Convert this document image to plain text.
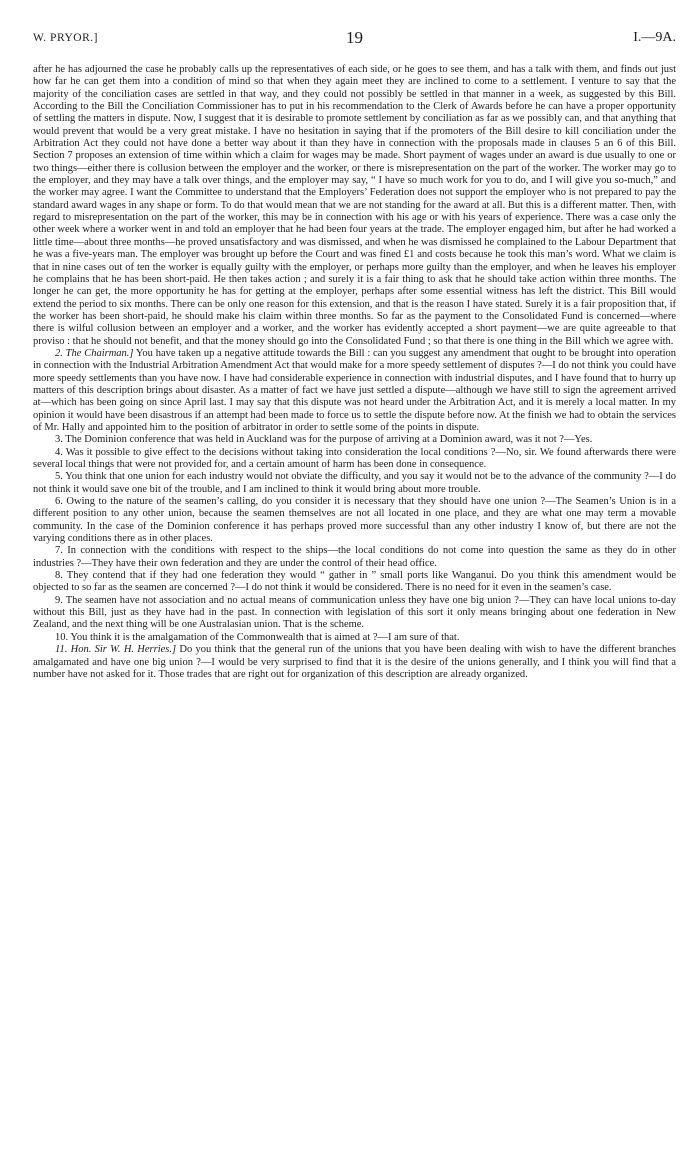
W. PRYOR.]	19	I.—9A.

after he has adjourned the case he probably calls up the representatives of each side, or he goes to see them, and has a talk with them, and finds out just how far he can get them into a condition of mind so that when they again meet they are inclined to come to a settlement. I venture to say that the majority of the conciliation cases are settled in that way, and they could not possibly be settled in that manner in a week, as suggested by this Bill. According to the Bill the Conciliation Commissioner has to put in his recommendation to the Clerk of Awards before he can have a proper opportunity of settling the matters in dispute. Now, I suggest that it is desirable to promote settlement by conciliation as far as we possibly can, and that anything that would prevent that would be a very great mistake. I have no hesitation in saying that if the promoters of the Bill desire to kill conciliation under the Arbitration Act they could not have done a better way about it than they have in connection with the proposals made in clauses 5 an 6 of this Bill. Section 7 proposes an extension of time within which a claim for wages may be made. Short payment of wages under an award is due usually to one or two things—either there is collusion between the employer and the worker, or there is misrepresentation on the part of the worker. The worker may go to the employer, and they may have a talk over things, and the employer may say, “ I have so much work for you to do, and I will give you so-much,” and the worker may agree. I want the Committee to understand that the Employers’ Federation does not support the employer who is not prepared to pay the standard award wages in any shape or form. To do that would mean that we are not standing for the award at all. But this is a different matter. Then, with regard to misrepresentation on the part of the worker, this may be in connection with his age or with his years of experience. There was a case only the other week where a worker went in and told an employer that he had been four years at the trade. The employer engaged him, but after he had worked a little time—about three months—he proved unsatisfactory and was dismissed, and when he was dismissed he complained to the Labour Department that he was a five-years man. The employer was brought up before the Court and was fined £1 and costs because he took this man’s word. What we claim is that in nine cases out of ten the worker is equally guilty with the employer, or perhaps more guilty than the employer, and when he leaves his employer he complains that he has been short-paid. He then takes action ; and surely it is a fair thing to ask that he should take action within three months. The longer he can get, the more opportunity he has for getting at the employer, perhaps after some essential witness has left the district. This Bill would extend the period to six months. There can be only one reason for this extension, and that is the reason I have stated. Surely it is a fair proposition that, if the worker has been short-paid, he should make his claim within three months. So far as the payment to the Consolidated Fund is concerned—where there is wilful collusion between an employer and a worker, and the worker has evidently accepted a short payment—we are quite agreeable to that proviso : that he should not benefit, and that the money should go into the Consolidated Fund ; so that there is one thing in the Bill which we agree with.

2. The Chairman.] You have taken up a negative attitude towards the Bill : can you suggest any amendment that ought to be brought into operation in connection with the Industrial Arbitration Amendment Act that would make for a more speedy settlement of disputes ?—I do not think you could have more speedy settlements than you have now. I have had considerable experience in connection with industrial disputes, and I have found that to hurry up matters of this description brings about disaster. As a matter of fact we have just settled a dispute—although we have still to sign the agreement arrived at—which has been going on since April last. I may say that this dispute was not heard under the Arbitration Act, and it is merely a local matter. In my opinion it would have been disastrous if an attempt had been made to force us to settle the dispute before now. At the finish we had to obtain the services of Mr. Hally and appointed him to the position of arbitrator in order to settle some of the points in dispute.

3. The Dominion conference that was held in Auckland was for the purpose of arriving at a Dominion award, was it not ?—Yes.

4. Was it possible to give effect to the decisions without taking into consideration the local conditions ?—No, sir. We found afterwards there were several local things that were not provided for, and a certain amount of harm has been done in consequence.

5. You think that one union for each industry would not obviate the difficulty, and you say it would not be to the advance of the community ?—I do not think it would save one bit of the trouble, and I am inclined to think it would bring about more trouble.

6. Owing to the nature of the seamen’s calling, do you consider it is necessary that they should have one union ?—The Seamen’s Union is in a different position to any other union, because the seamen themselves are not all located in one place, and they are what one may term a movable community. In the case of the Dominion conference it has perhaps proved more successful than any other industry I know of, but there are not the varying conditions there as in other places.

7. In connection with the conditions with respect to the ships—the local conditions do not come into question the same as they do in other industries ?—They have their own federation and they are under the control of their head office.

8. They contend that if they had one federation they would “ gather in ” small ports like Wanganui. Do you think this amendment would be objected to so far as the seamen are concerned ?—I do not think it would be considered. There is no need for it even in the seamen’s case.

9. The seamen have not association and no actual means of communication unless they have one big union ?—They can have local unions to-day without this Bill, just as they have had in the past. In connection with legislation of this sort it only means bringing about one federation in New Zealand, and the next thing will be one Australasian union. That is the scheme.

10. You think it is the amalgamation of the Commonwealth that is aimed at ?—I am sure of that.

11. Hon. Sir W. H. Herries.] Do you think that the general run of the unions that you have been dealing with wish to have the different branches amalgamated and have one big union ?—I would be very surprised to find that it is the desire of the unions generally, and I think you will find that a number have not asked for it. Those trades that are right out for organization of this description are already organized.
